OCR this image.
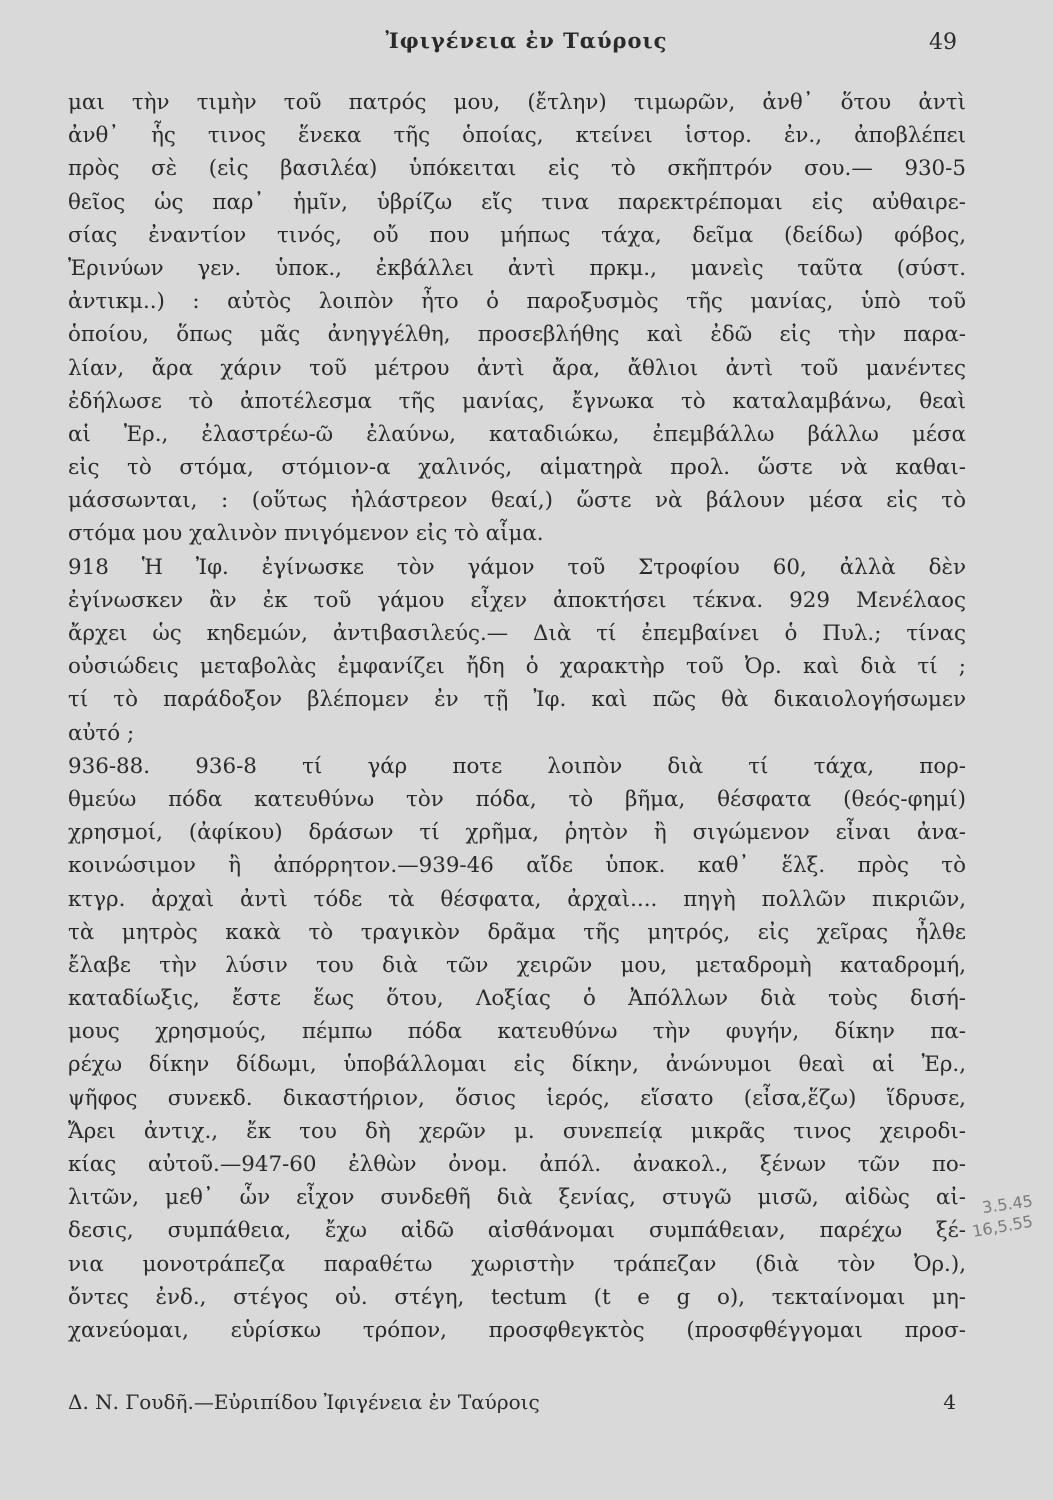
Ἰφιγένεια ἐν Ταύροις	49
μαι τὴν τιμὴν τοῦ πατρός μου, (ἔτλην) τιμωρῶν, ἀνθ᾽ ὅτου ἀντὶ
ἀνθ᾽ ἧς τινος ἕνεκα τῆς ὁποίας, κτείνει ἱστορ. ἐν., ἀποβλέπει
πρὸς σὲ (εἰς βασιλέα) ὑπόκειται εἰς τὸ σκῆπτρόν σου.— 930-5
θεῖος ὡς παρ᾽ ἡμῖν, ὑβρίζω εἴς τινα παρεκτρέπομαι εἰς αὐθαιρε-
σίας ἐναντίον τινός, οὔ που μήπως τάχα, δεῖμα (δείδω) φόβος,
Ἐρινύων γεν. ὑποκ., ἐκβάλλει ἀντὶ πρκμ., μανεὶς ταῦτα (σύστ.
ἀντικμ..) : αὐτὸς λοιπὸν ἦτο ὁ παροξυσμὸς τῆς μανίας, ὑπὸ τοῦ
ὁποίου, ὅπως μᾶς ἀνηγγέλθη, προσεβλήθης καὶ ἐδῶ εἰς τὴν παρα-
λίαν, ἄρα χάριν τοῦ μέτρου ἀντὶ ἄρα, ἄθλιοι ἀντὶ τοῦ μανέντες
ἐδήλωσε τὸ ἀποτέλεσμα τῆς μανίας, ἔγνωκα τὸ καταλαμβάνω, θεαὶ
αἱ Ἐρ., ἐλαστρέω-ῶ ἐλαύνω, καταδιώκω, ἐπεμβάλλω βάλλω μέσα
εἰς τὸ στόμα, στόμιον-α χαλινός, αἱματηρὰ προλ. ὥστε νὰ καθαι-
μάσσωνται, : (οὕτως ἠλάστρεον θεαί,) ὥστε νὰ βάλουν μέσα εἰς τὸ
στόμα μου χαλινὸν πνιγόμενον εἰς τὸ αἷμα.
918 Ἡ Ἰφ. ἐγίνωσκε τὸν γάμον τοῦ Στροφίου 60, ἀλλὰ δὲν
ἐγίνωσκεν ἂν ἐκ τοῦ γάμου εἶχεν ἀποκτήσει τέκνα. 929 Μενέλαος
ἄρχει ὡς κηδεμών, ἀντιβασιλεύς.— Διὰ τί ἐπεμβαίνει ὁ Πυλ.; τίνας
οὐσιώδεις μεταβολὰς ἐμφανίζει ἤδη ὁ χαρακτὴρ τοῦ Ὀρ. καὶ διὰ τί ;
τί τὸ παράδοξον βλέπομεν ἐν τῇ Ἰφ. καὶ πῶς θὰ δικαιολογήσωμεν
αὐτό ;
936-88. 936-8 τί γάρ ποτε λοιπὸν διὰ τί τάχα, πορ-
θμεύω πόδα κατευθύνω τὸν πόδα, τὸ βῆμα, θέσφατα (θεός-φημί)
χρησμοί, (ἀφίκου) δράσων τί χρῆμα, ῥητὸν ἢ σιγώμενον εἶναι ἀνα-
κοινώσιμον ἢ ἀπόρρητον.—939-46 αἴδε ὑποκ. καθ᾽ ἕλξ. πρὸς τὸ
κτγρ. ἀρχαὶ ἀντὶ τόδε τὰ θέσφατα, ἀρχαὶ.... πηγὴ πολλῶν πικριῶν,
τὰ μητρὸς κακὰ τὸ τραγικὸν δρᾶμα τῆς μητρός, εἰς χεῖρας ἦλθε
ἔλαβε τὴν λύσιν του διὰ τῶν χειρῶν μου, μεταδρομὴ καταδρομή,
καταδίωξις, ἔστε ἕως ὅτου, Λοξίας ὁ Ἀπόλλων διὰ τοὺς δισή-
μους χρησμούς, πέμπω πόδα κατευθύνω τὴν φυγήν, δίκην πα-
ρέχω δίκην δίδωμι, ὑποβάλλομαι εἰς δίκην, ἀνώνυμοι θεαὶ αἱ Ἐρ.,
ψῆφος συνεκδ. δικαστήριον, ὅσιος ἱερός, εἵσατο (εἶσα,ἕζω) ἵδρυσε,
Ἄρει ἀντιχ., ἔκ του δὴ χερῶν μ. συνεπείᾳ μικρᾶς τινος χειροδι-
κίας αὐτοῦ.—947-60 ἐλθὼν ὀνομ. ἀπόλ. ἀνακολ., ξένων τῶν πο-
λιτῶν, μεθ᾽ ὧν εἶχον συνδεθῆ διὰ ξενίας, στυγῶ μισῶ, αἰδὼς αἰ-
δεσις, συμπάθεια, ἔχω αἰδῶ αἰσθάνομαι συμπάθειαν, παρέχω ξέ-
νια μονοτράπεζα παραθέτω χωριστὴν τράπεζαν (διὰ τὸν Ὀρ.),
ὄντες ἐνδ., στέγος οὐ. στέγη, tectum (t e g o), τεκταίνομαι μη-
χανεύομαι, εὑρίσκω τρόπον, προσφθεγκτὸς (προσφθέγγομαι προσ-
3.5.45
16,5.55
Δ. Ν. Γουδῆ.—Εὐριπίδου Ἰφιγένεια ἐν Ταύροις	4
